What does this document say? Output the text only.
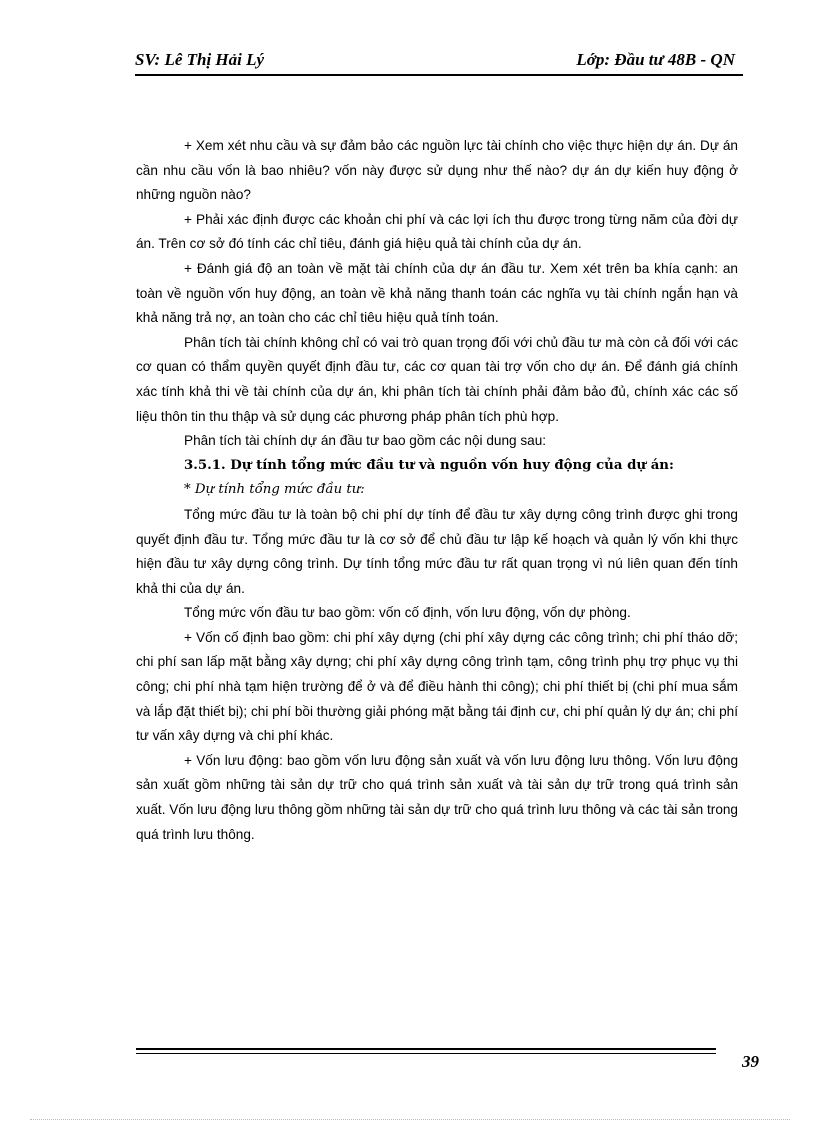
SV: Lê Thị Hải Lý	Lớp: Đầu tư 48B - QN

+ Xem xét nhu cầu và sự đảm bảo các nguồn lực tài chính cho việc thực hiện dự án. Dự án cần nhu cầu vốn là bao nhiêu? vốn này được sử dụng như thế nào? dự án dự kiến huy động ở những nguồn nào?

+ Phải xác định được các khoản chi phí và các lợi ích thu được trong từng năm của đời dự án. Trên cơ sở đó tính các chỉ tiêu, đánh giá hiệu quả tài chính của dự án.

+ Đánh giá độ an toàn về mặt tài chính của dự án đầu tư. Xem xét trên ba khía cạnh: an toàn về nguồn vốn huy động, an toàn về khả năng thanh toán các nghĩa vụ tài chính ngắn hạn và khả năng trả nợ, an toàn cho các chỉ tiêu hiệu quả tính toán.

Phân tích tài chính không chỉ có vai trò quan trọng đối với chủ đầu tư mà còn cả đối với các cơ quan có thẩm quyền quyết định đầu tư, các cơ quan tài trợ vốn cho dự án. Để đánh giá chính xác tính khả thi về tài chính của dự án, khi phân tích tài chính phải đảm bảo đủ, chính xác các số liệu thôn tin thu thập và sử dụng các phương pháp phân tích phù hợp.

Phân tích tài chính dự án đầu tư bao gồm các nội dung sau:

3.5.1. Dự tính tổng mức đầu tư và nguồn vốn huy động của dự án:

* Dự tính tổng mức đầu tư:

Tổng mức đầu tư là toàn bộ chi phí dự tính để đầu tư xây dựng công trình được ghi trong quyết định đầu tư. Tổng mức đầu tư là cơ sở để chủ đầu tư lập kế hoạch và quản lý vốn khi thực hiện đầu tư xây dựng công trình. Dự tính tổng mức đầu tư rất quan trọng vì nú liên quan đến tính khả thi của dự án.

Tổng mức vốn đầu tư bao gồm: vốn cố định, vốn lưu động, vốn dự phòng.

+ Vốn cố định bao gồm: chi phí xây dựng (chi phí xây dựng các công trình; chi phí tháo dỡ; chi phí san lấp mặt bằng xây dựng; chi phí xây dựng công trình tạm, công trình phụ trợ phục vụ thi công; chi phí nhà tạm hiện trường để ở và để điều hành thi công); chi phí thiết bị (chi phí mua sắm và lắp đặt thiết bị); chi phí bồi thường giải phóng mặt bằng tái định cư, chi phí quản lý dự án; chi phí tư vấn xây dựng và chi phí khác.

+ Vốn lưu động: bao gồm vốn lưu động sản xuất và vốn lưu động lưu thông. Vốn lưu động sản xuất gồm những tài sản dự trữ cho quá trình sản xuất và tài sản dự trữ trong quá trình sản xuất. Vốn lưu động lưu thông gồm những tài sản dự trữ cho quá trình lưu thông và các tài sản trong quá trình lưu thông.

39
